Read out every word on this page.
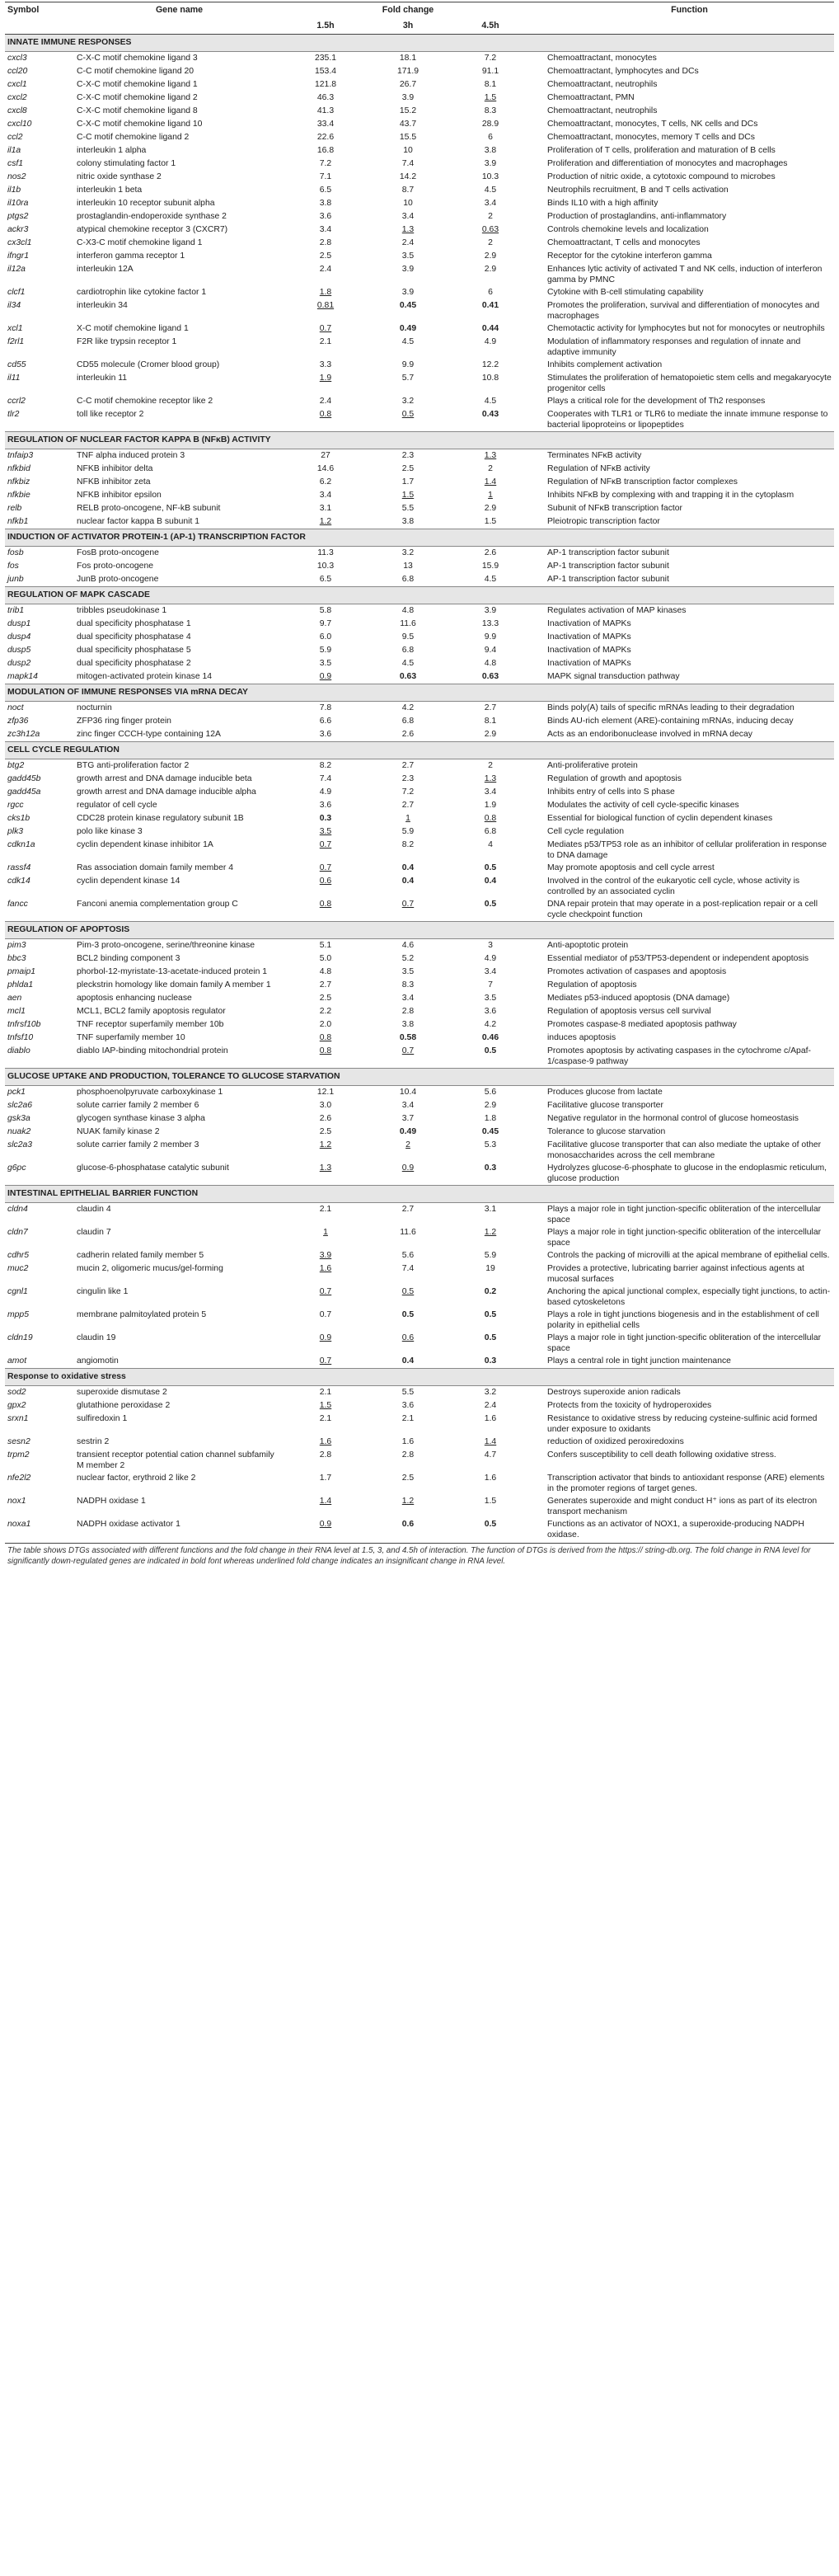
Symbol	Gene name	Fold change				Function
		1.5h	3h	4.5h		
INNATE IMMUNE RESPONSES						
cxcl3	C-X-C motif chemokine ligand 3	235.1	18.1	7.2		Chemoattractant, monocytes
ccl20	C-C motif chemokine ligand 20	153.4	171.9	91.1		Chemoattractant, lymphocytes and DCs
cxcl1	C-X-C motif chemokine ligand 1	121.8	26.7	8.1		Chemoattractant, neutrophils
cxcl2	C-X-C motif chemokine ligand 2	46.3	3.9	1.5		Chemoattractant, PMN
cxcl8	C-X-C motif chemokine ligand 8	41.3	15.2	8.3		Chemoattractant, neutrophils
cxcl10	C-X-C motif chemokine ligand 10	33.4	43.7	28.9		Chemoattractant, monocytes, T cells, NK cells and DCs
ccl2	C-C motif chemokine ligand 2	22.6	15.5	6		Chemoattractant, monocytes, memory T cells and DCs
il1a	interleukin 1 alpha	16.8	10	3.8		Proliferation of T cells, proliferation and maturation of B cells
csf1	colony stimulating factor 1	7.2	7.4	3.9		Proliferation and differentiation of monocytes and macrophages
nos2	nitric oxide synthase 2	7.1	14.2	10.3		Production of nitric oxide, a cytotoxic compound to microbes
il1b	interleukin 1 beta	6.5	8.7	4.5		Neutrophils recruitment, B and T cells activation
il10ra	interleukin 10 receptor subunit alpha	3.8	10	3.4		Binds IL10 with a high affinity
ptgs2	prostaglandin-endoperoxide synthase 2	3.6	3.4	2		Production of prostaglandins, anti-inflammatory
ackr3	atypical chemokine receptor 3 (CXCR7)	3.4	1.3	0.63		Controls chemokine levels and localization
cx3cl1	C-X3-C motif chemokine ligand 1	2.8	2.4	2		Chemoattractant, T cells and monocytes
ifngr1	interferon gamma receptor 1	2.5	3.5	2.9		Receptor for the cytokine interferon gamma
il12a	interleukin 12A	2.4	3.9	2.9		Enhances lytic activity of activated T and NK cells, induction of interferon gamma by PMNC
clcf1	cardiotrophin like cytokine factor 1	1.8	3.9	6		Cytokine with B-cell stimulating capability
il34	interleukin 34	0.81	0.45	0.41		Promotes the proliferation, survival and differentiation of monocytes and macrophages
xcl1	X-C motif chemokine ligand 1	0.7	0.49	0.44		Chemotactic activity for lymphocytes but not for monocytes or neutrophils
f2rl1	F2R like trypsin receptor 1	2.1	4.5	4.9		Modulation of inflammatory responses and regulation of innate and adaptive immunity
cd55	CD55 molecule (Cromer blood group)	3.3	9.9	12.2		Inhibits complement activation
il11	interleukin 11	1.9	5.7	10.8		Stimulates the proliferation of hematopoietic stem cells and megakaryocyte progenitor cells
ccrl2	C-C motif chemokine receptor like 2	2.4	3.2	4.5		Plays a critical role for the development of Th2 responses
tlr2	toll like receptor 2	0.8	0.5	0.43		Cooperates with TLR1 or TLR6 to mediate the innate immune response to bacterial lipoproteins or lipopeptides
REGULATION OF NUCLEAR FACTOR KAPPA B (NFκB) ACTIVITY						
tnfaip3	TNF alpha induced protein 3	27	2.3	1.3		Terminates NFκB activity
nfkbid	NFKB inhibitor delta	14.6	2.5	2		Regulation of NFκB activity
nfkbiz	NFKB inhibitor zeta	6.2	1.7	1.4		Regulation of NFκB transcription factor complexes
nfkbie	NFKB inhibitor epsilon	3.4	1.5	1		Inhibits NFκB by complexing with and trapping it in the cytoplasm
relb	RELB proto-oncogene, NF-kB subunit	3.1	5.5	2.9		Subunit of NFκB transcription factor
nfkb1	nuclear factor kappa B subunit 1	1.2	3.8	1.5		Pleiotropic transcription factor
INDUCTION OF ACTIVATOR PROTEIN-1 (AP-1) TRANSCRIPTION FACTOR						
fosb	FosB proto-oncogene	11.3	3.2	2.6		AP-1 transcription factor subunit
fos	Fos proto-oncogene	10.3	13	15.9		AP-1 transcription factor subunit
junb	JunB proto-oncogene	6.5	6.8	4.5		AP-1 transcription factor subunit
REGULATION OF MAPK CASCADE						
trib1	tribbles pseudokinase 1	5.8	4.8	3.9		Regulates activation of MAP kinases
dusp1	dual specificity phosphatase 1	9.7	11.6	13.3		Inactivation of MAPKs
dusp4	dual specificity phosphatase 4	6.0	9.5	9.9		Inactivation of MAPKs
dusp5	dual specificity phosphatase 5	5.9	6.8	9.4		Inactivation of MAPKs
dusp2	dual specificity phosphatase 2	3.5	4.5	4.8		Inactivation of MAPKs
mapk14	mitogen-activated protein kinase 14	0.9	0.63	0.63		MAPK signal transduction pathway
MODULATION OF IMMUNE RESPONSES VIA mRNA DECAY						
noct	nocturnin	7.8	4.2	2.7		Binds poly(A) tails of specific mRNAs leading to their degradation
zfp36	ZFP36 ring finger protein	6.6	6.8	8.1		Binds AU-rich element (ARE)-containing mRNAs, inducing decay
zc3h12a	zinc finger CCCH-type containing 12A	3.6	2.6	2.9		Acts as an endoribonuclease involved in mRNA decay
CELL CYCLE REGULATION						
btg2	BTG anti-proliferation factor 2	8.2	2.7	2		Anti-proliferative protein
gadd45b	growth arrest and DNA damage inducible beta	7.4	2.3	1.3		Regulation of growth and apoptosis
gadd45a	growth arrest and DNA damage inducible alpha	4.9	7.2	3.4		Inhibits entry of cells into S phase
rgcc	regulator of cell cycle	3.6	2.7	1.9		Modulates the activity of cell cycle-specific kinases
cks1b	CDC28 protein kinase regulatory subunit 1B	0.3	1	0.8		Essential for biological function of cyclin dependent kinases
plk3	polo like kinase 3	3.5	5.9	6.8		Cell cycle regulation
cdkn1a	cyclin dependent kinase inhibitor 1A	0.7	8.2	4		Mediates p53/TP53 role as an inhibitor of cellular proliferation in response to DNA damage
rassf4	Ras association domain family member 4	0.7	0.4	0.5		May promote apoptosis and cell cycle arrest
cdk14	cyclin dependent kinase 14	0.6	0.4	0.4		Involved in the control of the eukaryotic cell cycle, whose activity is controlled by an associated cyclin
fancc	Fanconi anemia complementation group C	0.8	0.7	0.5		DNA repair protein that may operate in a post-replication repair or a cell cycle checkpoint function
REGULATION OF APOPTOSIS						
pim3	Pim-3 proto-oncogene, serine/threonine kinase	5.1	4.6	3		Anti-apoptotic protein
bbc3	BCL2 binding component 3	5.0	5.2	4.9		Essential mediator of p53/TP53-dependent or independent apoptosis
pmaip1	phorbol-12-myristate-13-acetate-induced protein 1	4.8	3.5	3.4		Promotes activation of caspases and apoptosis
phlda1	pleckstrin homology like domain family A member 1	2.7	8.3	7		Regulation of apoptosis
aen	apoptosis enhancing nuclease	2.5	3.4	3.5		Mediates p53-induced apoptosis (DNA damage)
mcl1	MCL1, BCL2 family apoptosis regulator	2.2	2.8	3.6		Regulation of apoptosis versus cell survival
tnfrsf10b	TNF receptor superfamily member 10b	2.0	3.8	4.2		Promotes caspase-8 mediated apoptosis pathway
tnfsf10	TNF superfamily member 10	0.8	0.58	0.46		induces apoptosis
diablo	diablo IAP-binding mitochondrial protein	0.8	0.7	0.5		Promotes apoptosis by activating caspases in the cytochrome c/Apaf-1/caspase-9 pathway
GLUCOSE UPTAKE AND PRODUCTION, TOLERANCE TO GLUCOSE STARVATION						
pck1	phosphoenolpyruvate carboxykinase 1	12.1	10.4	5.6		Produces glucose from lactate
slc2a6	solute carrier family 2 member 6	3.0	3.4	2.9		Facilitative glucose transporter
gsk3a	glycogen synthase kinase 3 alpha	2.6	3.7	1.8		Negative regulator in the hormonal control of glucose homeostasis
nuak2	NUAK family kinase 2	2.5	0.49	0.45		Tolerance to glucose starvation
slc2a3	solute carrier family 2 member 3	1.2	2	5.3		Facilitative glucose transporter that can also mediate the uptake of other monosaccharides across the cell membrane
g6pc	glucose-6-phosphatase catalytic subunit	1.3	0.9	0.3		Hydrolyzes glucose-6-phosphate to glucose in the endoplasmic reticulum, glucose production
INTESTINAL EPITHELIAL BARRIER FUNCTION						
cldn4	claudin 4	2.1	2.7	3.1		Plays a major role in tight junction-specific obliteration of the intercellular space
cldn7	claudin 7	1	11.6	1.2		Plays a major role in tight junction-specific obliteration of the intercellular space
cdhr5	cadherin related family member 5	3.9	5.6	5.9		Controls the packing of microvilli at the apical membrane of epithelial cells.
muc2	mucin 2, oligomeric mucus/gel-forming	1.6	7.4	19		Provides a protective, lubricating barrier against infectious agents at mucosal surfaces
cgnl1	cingulin like 1	0.7	0.5	0.2		Anchoring the apical junctional complex, especially tight junctions, to actin-based cytoskeletons
mpp5	membrane palmitoylated protein 5	0.7	0.5	0.5		Plays a role in tight junctions biogenesis and in the establishment of cell polarity in epithelial cells
cldn19	claudin 19	0.9	0.6	0.5		Plays a major role in tight junction-specific obliteration of the intercellular space
amot	angiomotin	0.7	0.4	0.3		Plays a central role in tight junction maintenance
Response to oxidative stress						
sod2	superoxide dismutase 2	2.1	5.5	3.2		Destroys superoxide anion radicals
gpx2	glutathione peroxidase 2	1.5	3.6	2.4		Protects from the toxicity of hydroperoxides
srxn1	sulfiredoxin 1	2.1	2.1	1.6		Resistance to oxidative stress by reducing cysteine-sulfinic acid formed under exposure to oxidants
sesn2	sestrin 2	1.6	1.6	1.4		reduction of oxidized peroxiredoxins
trpm2	transient receptor potential cation channel subfamily M member 2	2.8	2.8	4.7		Confers susceptibility to cell death following oxidative stress.
nfe2l2	nuclear factor, erythroid 2 like 2	1.7	2.5	1.6		Transcription activator that binds to antioxidant response (ARE) elements in the promoter regions of target genes.
nox1	NADPH oxidase 1	1.4	1.2	1.5		Generates superoxide and might conduct H⁺ ions as part of its electron transport mechanism
noxa1	NADPH oxidase activator 1	0.9	0.6	0.5		Functions as an activator of NOX1, a superoxide-producing NADPH oxidase.
The table shows DTGs associated with different functions and the fold change in their RNA level at 1.5, 3, and 4.5h of interaction. The function of DTGs is derived from the https:// string-db.org. The fold change in RNA level for significantly down-regulated genes are indicated in bold font whereas underlined fold change indicates an insignificant change in RNA level.
